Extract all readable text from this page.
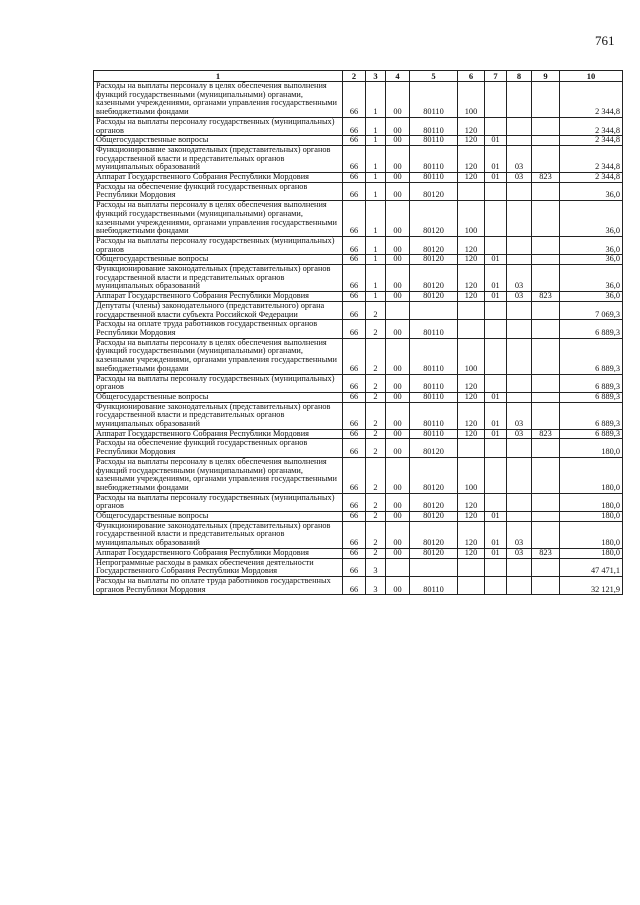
761
1	2	3	4	5	6	7	8	9	10
Расходы на выплаты персоналу в целях обеспечения выполнения функций государственными (муниципальными) органами, казенными учреждениями, органами управления государственными внебюджетными фондами	66	1	00	80110	100				2 344,8
Расходы на выплаты персоналу государственных (муниципальных) органов	66	1	00	80110	120				2 344,8
Общегосударственные вопросы	66	1	00	80110	120	01			2 344,8
Функционирование законодательных (представительных) органов государственной власти и представительных органов муниципальных образований	66	1	00	80110	120	01	03		2 344,8
Аппарат Государственного Собрания Республики Мордовия	66	1	00	80110	120	01	03	823	2 344,8
Расходы на обеспечение функций государственных органов Республики Мордовия	66	1	00	80120					36,0
Расходы на выплаты персоналу в целях обеспечения выполнения функций государственными (муниципальными) органами, казенными учреждениями, органами управления государственными внебюджетными фондами	66	1	00	80120	100				36,0
Расходы на выплаты персоналу государственных (муниципальных) органов	66	1	00	80120	120				36,0
Общегосударственные вопросы	66	1	00	80120	120	01			36,0
Функционирование законодательных (представительных) органов государственной власти и представительных органов муниципальных образований	66	1	00	80120	120	01	03		36,0
Аппарат Государственного Собрания Республики Мордовия	66	1	00	80120	120	01	03	823	36,0
Депутаты (члены) законодательного (представительного) органа государственной власти субъекта Российской Федерации	66	2							7 069,3
Расходы на оплате труда работников государственных органов Республики Мордовия	66	2	00	80110					6 889,3
Расходы на выплаты персоналу в целях обеспечения выполнения функций государственными (муниципальными) органами, казенными учреждениями, органами управления государственными внебюджетными фондами	66	2	00	80110	100				6 889,3
Расходы на выплаты персоналу государственных (муниципальных) органов	66	2	00	80110	120				6 889,3
Общегосударственные вопросы	66	2	00	80110	120	01			6 889,3
Функционирование законодательных (представительных) органов государственной власти и представительных органов муниципальных образований	66	2	00	80110	120	01	03		6 889,3
Аппарат Государственного Собрания Республики Мордовия	66	2	00	80110	120	01	03	823	6 889,3
Расходы на обеспечение функций государственных органов Республики Мордовия	66	2	00	80120					180,0
Расходы на выплаты персоналу в целях обеспечения выполнения функций государственными (муниципальными) органами, казенными учреждениями, органами управления государственными внебюджетными фондами	66	2	00	80120	100				180,0
Расходы на выплаты персоналу государственных (муниципальных) органов	66	2	00	80120	120				180,0
Общегосударственные вопросы	66	2	00	80120	120	01			180,0
Функционирование законодательных (представительных) органов государственной власти и представительных органов муниципальных образований	66	2	00	80120	120	01	03		180,0
Аппарат Государственного Собрания Республики Мордовия	66	2	00	80120	120	01	03	823	180,0
Непрограммные расходы в рамках обеспечения деятельности Государственного Собрания Республики Мордовия	66	3							47 471,1
Расходы на выплаты по оплате труда работников государственных органов Республики Мордовия	66	3	00	80110					32 121,9
